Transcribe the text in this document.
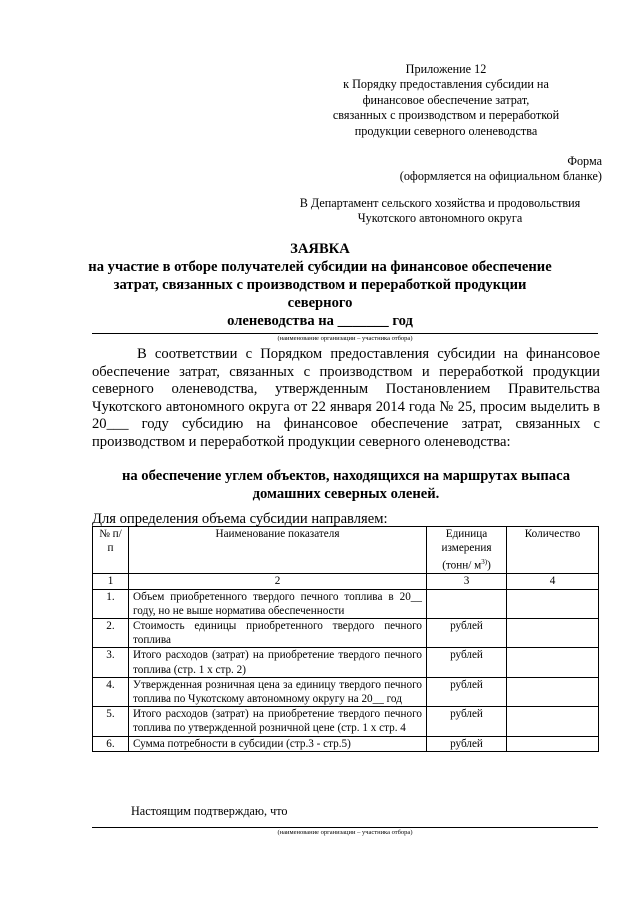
Приложение 12
к Порядку предоставления субсидии на
финансовое обеспечение затрат,
связанных с производством и переработкой
продукции северного оленеводства
Форма
(оформляется на официальном бланке)
В Департамент сельского хозяйства и продовольствия
Чукотского автономного округа
ЗАЯВКА
на участие в отборе получателей субсидии на финансовое обеспечение
затрат, связанных с производством и переработкой продукции северного
оленеводства на _______ год
(наименование организации – участника отбора)
В соответствии с Порядком предоставления субсидии на финансовое обеспечение затрат, связанных с производством и переработкой продукции северного оленеводства, утвержденным Постановлением Правительства Чукотского автономного округа от 22 января 2014 года № 25, просим выделить в 20___ году субсидию на финансовое обеспечение затрат, связанных с производством и переработкой продукции северного оленеводства:
на обеспечение углем объектов, находящихся на маршрутах выпаса домашних северных оленей.
Для определения объема субсидии направляем:
№ п/п	Наименование показателя	Единица измерения (тонн/ $м^{3)}$)	Количество
1	2	3	4
1.	Объем приобретенного твердого печного топлива в 20__ году, но не выше норматива обеспеченности		
2.	Стоимость единицы приобретенного твердого печного топлива	рублей	
3.	Итого расходов (затрат) на приобретение твердого печного топлива (стр. 1 х стр. 2)	рублей	
4.	Утвержденная розничная цена за единицу твердого печного топлива по Чукотскому автономному округу на 20__ год	рублей	
5.	Итого расходов (затрат) на приобретение твердого печного топлива по утвержденной розничной цене (стр. 1 х стр. 4	рублей	
6.	Сумма потребности в субсидии (стр.3 - стр.5)	рублей	
Настоящим подтверждаю, что
(наименование организации – участника отбора)
